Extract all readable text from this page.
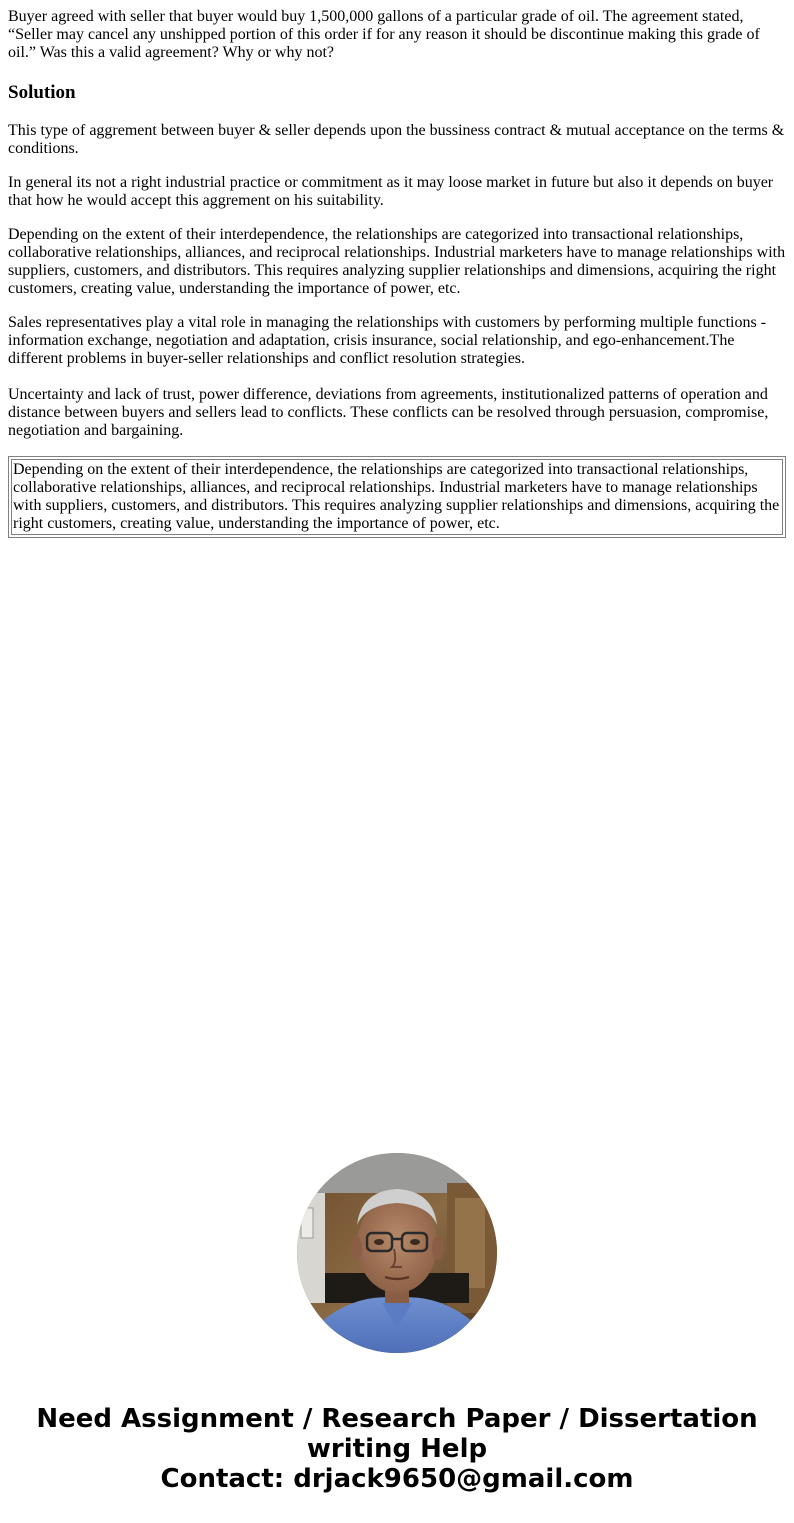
Buyer agreed with seller that buyer would buy 1,500,000 gallons of a particular grade of oil. The agreement stated, “Seller may cancel any unshipped portion of this order if for any reason it should be discontinue making this grade of oil.” Was this a valid agreement? Why or why not?

Solution

This type of aggrement between buyer & seller depends upon the bussiness contract & mutual acceptance on the terms & conditions.

In general its not a right industrial practice or commitment as it may loose market in future but also it depends on buyer that how he would accept this aggrement on his suitability.

Depending on the extent of their interdependence, the relationships are categorized into transactional relationships, collaborative relationships, alliances, and reciprocal relationships. Industrial marketers have to manage relationships with suppliers, customers, and distributors. This requires analyzing supplier relationships and dimensions, acquiring the right customers, creating value, understanding the importance of power, etc.

Sales representatives play a vital role in managing the relationships with customers by performing multiple functions - information exchange, negotiation and adaptation, crisis insurance, social relationship, and ego-enhancement.The different problems in buyer-seller relationships and conflict resolution strategies.

Uncertainty and lack of trust, power difference, deviations from agreements, institutionalized patterns of operation and distance between buyers and sellers lead to conflicts. These conflicts can be resolved through persuasion, compromise, negotiation and bargaining.

Depending on the extent of their interdependence, the relationships are categorized into transactional relationships, collaborative relationships, alliances, and reciprocal relationships. Industrial marketers have to manage relationships with suppliers, customers, and distributors. This requires analyzing supplier relationships and dimensions, acquiring the right customers, creating value, understanding the importance of power, etc.
Need Assignment / Research Paper / Dissertation
writing Help
Contact: drjack9650@gmail.com
